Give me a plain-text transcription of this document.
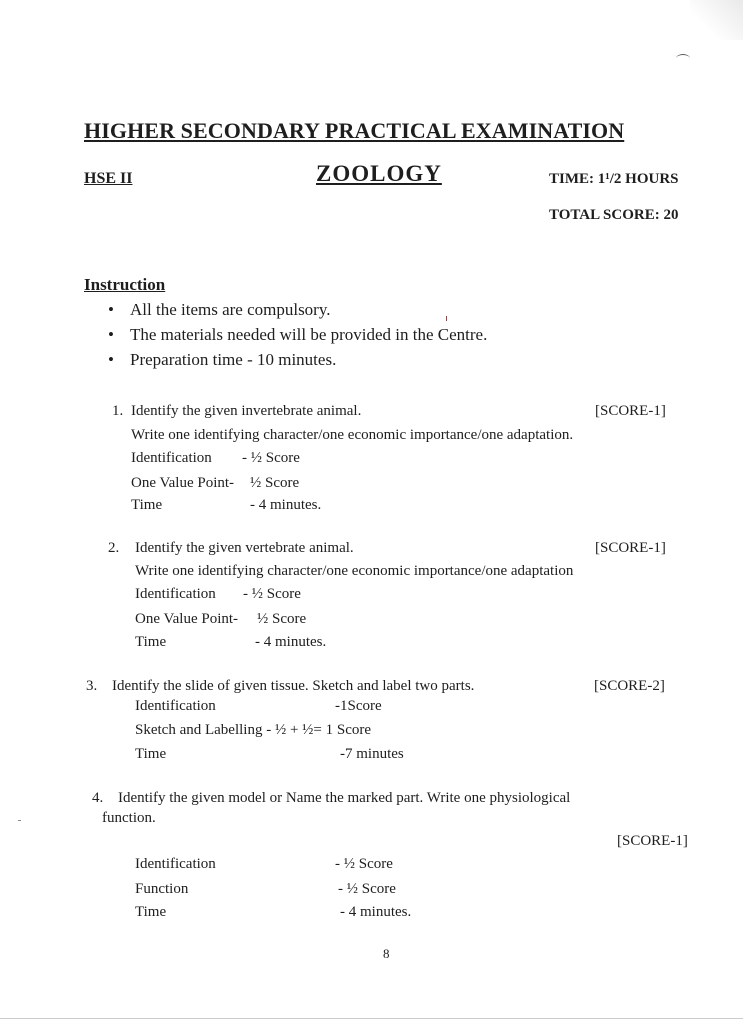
HIGHER SECONDARY PRACTICAL EXAMINATION
HSE II	ZOOLOGY	TIME: 1¹/2 HOURS
TOTAL SCORE: 20
Instruction
• All the items are compulsory.
• The materials needed will be provided in the Centre.
• Preparation time - 10 minutes.
1. Identify the given invertebrate animal.	[SCORE-1]
Write one identifying character/one economic importance/one adaptation.
Identification - ½ Score
One Value Point- ½ Score
Time	- 4 minutes.
2. Identify the given vertebrate animal.	[SCORE-1]
Write one identifying character/one economic importance/one adaptation
Identification - ½ Score
One Value Point- ½ Score
Time	- 4 minutes.
3. Identify the slide of given tissue. Sketch and label two parts.	[SCORE-2]
Identification	-1Score
Sketch and Labelling - ½ + ½= 1 Score
Time	-7 minutes
4. Identify the given model or Name the marked part. Write one physiological
function.
[SCORE-1]
Identification	- ½ Score
Function	- ½ Score
Time	- 4 minutes.
8
